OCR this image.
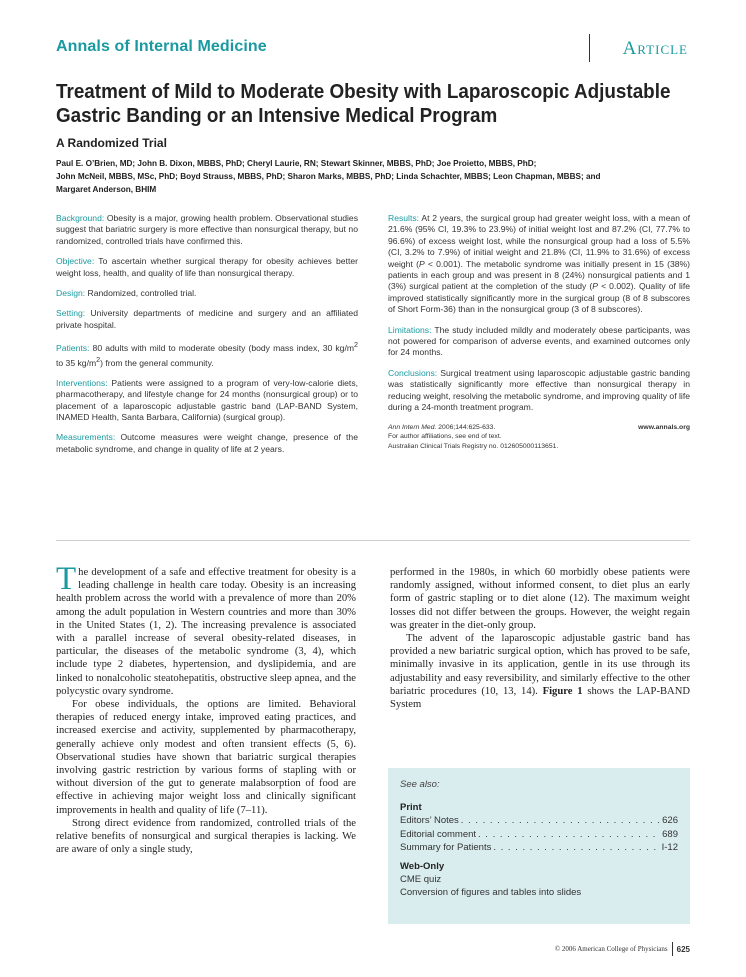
Annals of Internal Medicine	Article
Treatment of Mild to Moderate Obesity with Laparoscopic Adjustable
Gastric Banding or an Intensive Medical Program
A Randomized Trial
Paul E. O’Brien, MD; John B. Dixon, MBBS, PhD; Cheryl Laurie, RN; Stewart Skinner, MBBS, PhD; Joe Proietto, MBBS, PhD;
John McNeil, MBBS, MSc, PhD; Boyd Strauss, MBBS, PhD; Sharon Marks, MBBS, PhD; Linda Schachter, MBBS; Leon Chapman, MBBS; and
Margaret Anderson, BHIM
Background: Obesity is a major, growing health problem. Observational studies suggest that bariatric surgery is more effective than nonsurgical therapy, but no randomized, controlled trials have confirmed this.
Objective: To ascertain whether surgical therapy for obesity achieves better weight loss, health, and quality of life than nonsurgical therapy.
Design: Randomized, controlled trial.
Setting: University departments of medicine and surgery and an affiliated private hospital.
Patients: 80 adults with mild to moderate obesity (body mass index, 30 $kg/m^2$ to 35 $kg/m^2$) from the general community.
Interventions: Patients were assigned to a program of very-low-calorie diets, pharmacotherapy, and lifestyle change for 24 months (nonsurgical group) or to placement of a laparoscopic adjustable gastric band (LAP-BAND System, INAMED Health, Santa Barbara, California) (surgical group).
Measurements: Outcome measures were weight change, presence of the metabolic syndrome, and change in quality of life at 2 years.
Results: At 2 years, the surgical group had greater weight loss, with a mean of 21.6% (95% CI, 19.3% to 23.9%) of initial weight lost and 87.2% (CI, 77.7% to 96.6%) of excess weight lost, while the nonsurgical group had a loss of 5.5% (CI, 3.2% to 7.9%) of initial weight and 21.8% (CI, 11.9% to 31.6%) of excess weight (P < 0.001). The metabolic syndrome was initially present in 15 (38%) patients in each group and was present in 8 (24%) nonsurgical patients and 1 (3%) surgical patient at the completion of the study (P < 0.002). Quality of life improved statistically significantly more in the surgical group (8 of 8 subscores of Short Form-36) than in the nonsurgical group (3 of 8 subscores).
Limitations: The study included mildly and moderately obese participants, was not powered for comparison of adverse events, and examined outcomes only for 24 months.
Conclusions: Surgical treatment using laparoscopic adjustable gastric banding was statistically significantly more effective than nonsurgical therapy in reducing weight, resolving the metabolic syndrome, and improving quality of life during a 24-month treatment program.
Ann Intern Med. 2006;144:625-633.	www.annals.org
For author affiliations, see end of text.
Australian Clinical Trials Registry no. 012605000113651.

The development of a safe and effective treatment for obesity is a leading challenge in health care today. Obesity is an increasing health problem across the world with a prevalence of more than 20% among the adult population in Western countries and more than 30% in the United States (1, 2). The increasing prevalence is associated with a parallel increase of several obesity-related diseases, in particular, the diseases of the metabolic syndrome (3, 4), which include type 2 diabetes, hypertension, and dyslipidemia, and are linked to nonalcoholic steatohepatitis, obstructive sleep apnea, and the polycystic ovary syndrome.

For obese individuals, the options are limited. Behavioral therapies of reduced energy intake, improved eating practices, and increased exercise and activity, supplemented by pharmacotherapy, generally achieve only modest and often transient effects (5, 6). Observational studies have shown that bariatric surgical therapies involving gastric restriction by various forms of stapling with or without diversion of the gut to generate malabsorption of food are effective in achieving major weight loss and clinically significant improvements in health and quality of life (7–11).

Strong direct evidence from randomized, controlled trials of the relative benefits of nonsurgical and surgical therapies is lacking. We are aware of only a single study,

performed in the 1980s, in which 60 morbidly obese patients were randomly assigned, without informed consent, to diet plus an early form of gastric stapling or to diet alone (12). The maximum weight losses did not differ between the groups. However, the weight regain was greater in the diet-only group.

The advent of the laparoscopic adjustable gastric band has provided a new bariatric surgical option, which has proved to be safe, minimally invasive in its application, gentle in its use through its adjustability and easy reversibility, and similarly effective to the other bariatric procedures (10, 13, 14). Figure 1 shows the LAP-BAND System

See also:
Print
Editors’ Notes . . .	626
Editorial comment . . .	689
Summary for Patients . . .	I-12
Web-Only
CME quiz
Conversion of figures and tables into slides
© 2006 American College of Physicians 625
